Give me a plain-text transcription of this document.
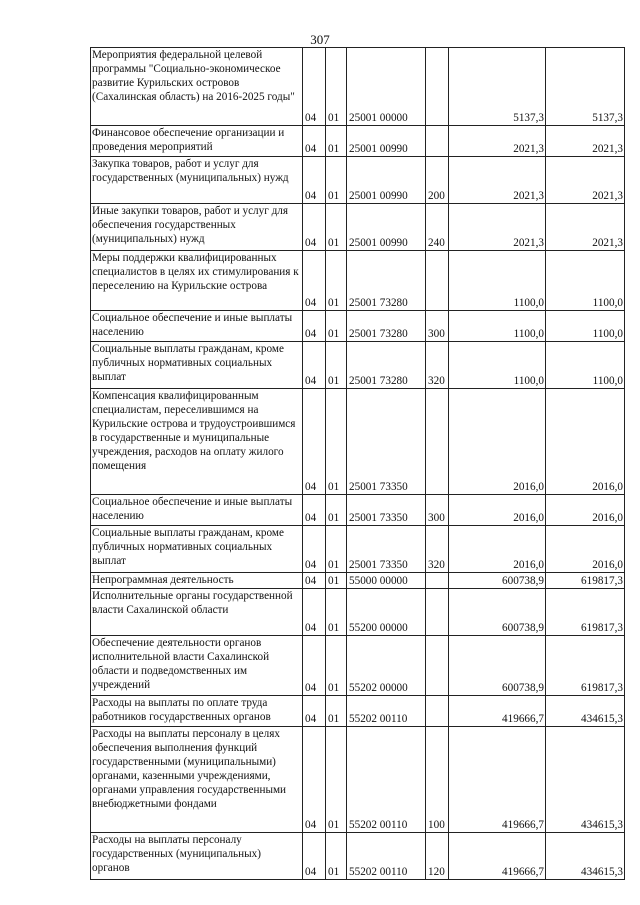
307
Мероприятия федеральной целевой программы "Социально-экономическое развитие Курильских островов (Сахалинская область) на 2016-2025 годы"	04	01	25001 00000		5137,3	5137,3
Финансовое обеспечение организации и проведения мероприятий	04	01	25001 00990		2021,3	2021,3
Закупка товаров, работ и услуг для государственных (муниципальных) нужд	04	01	25001 00990	200	2021,3	2021,3
Иные закупки товаров, работ и услуг для обеспечения государственных (муниципальных) нужд	04	01	25001 00990	240	2021,3	2021,3
Меры поддержки квалифицированных специалистов в целях их стимулирования к переселению на Курильские острова	04	01	25001 73280		1100,0	1100,0
Социальное обеспечение и иные выплаты населению	04	01	25001 73280	300	1100,0	1100,0
Социальные выплаты гражданам, кроме публичных нормативных социальных выплат	04	01	25001 73280	320	1100,0	1100,0
Компенсация квалифицированным специалистам, переселившимся на Курильские острова и трудоустроившимся в государственные и муниципальные учреждения, расходов на оплату жилого помещения	04	01	25001 73350		2016,0	2016,0
Социальное обеспечение и иные выплаты населению	04	01	25001 73350	300	2016,0	2016,0
Социальные выплаты гражданам, кроме публичных нормативных социальных выплат	04	01	25001 73350	320	2016,0	2016,0
Непрограммная деятельность	04	01	55000 00000		600738,9	619817,3
Исполнительные органы государственной власти Сахалинской области	04	01	55200 00000		600738,9	619817,3
Обеспечение деятельности органов исполнительной власти Сахалинской области и подведомственных им учреждений	04	01	55202 00000		600738,9	619817,3
Расходы на выплаты по оплате труда работников государственных органов	04	01	55202 00110		419666,7	434615,3
Расходы на выплаты персоналу в целях обеспечения выполнения функций государственными (муниципальными) органами, казенными учреждениями, органами управления государственными внебюджетными фондами	04	01	55202 00110	100	419666,7	434615,3
Расходы на выплаты персоналу государственных (муниципальных) органов	04	01	55202 00110	120	419666,7	434615,3
